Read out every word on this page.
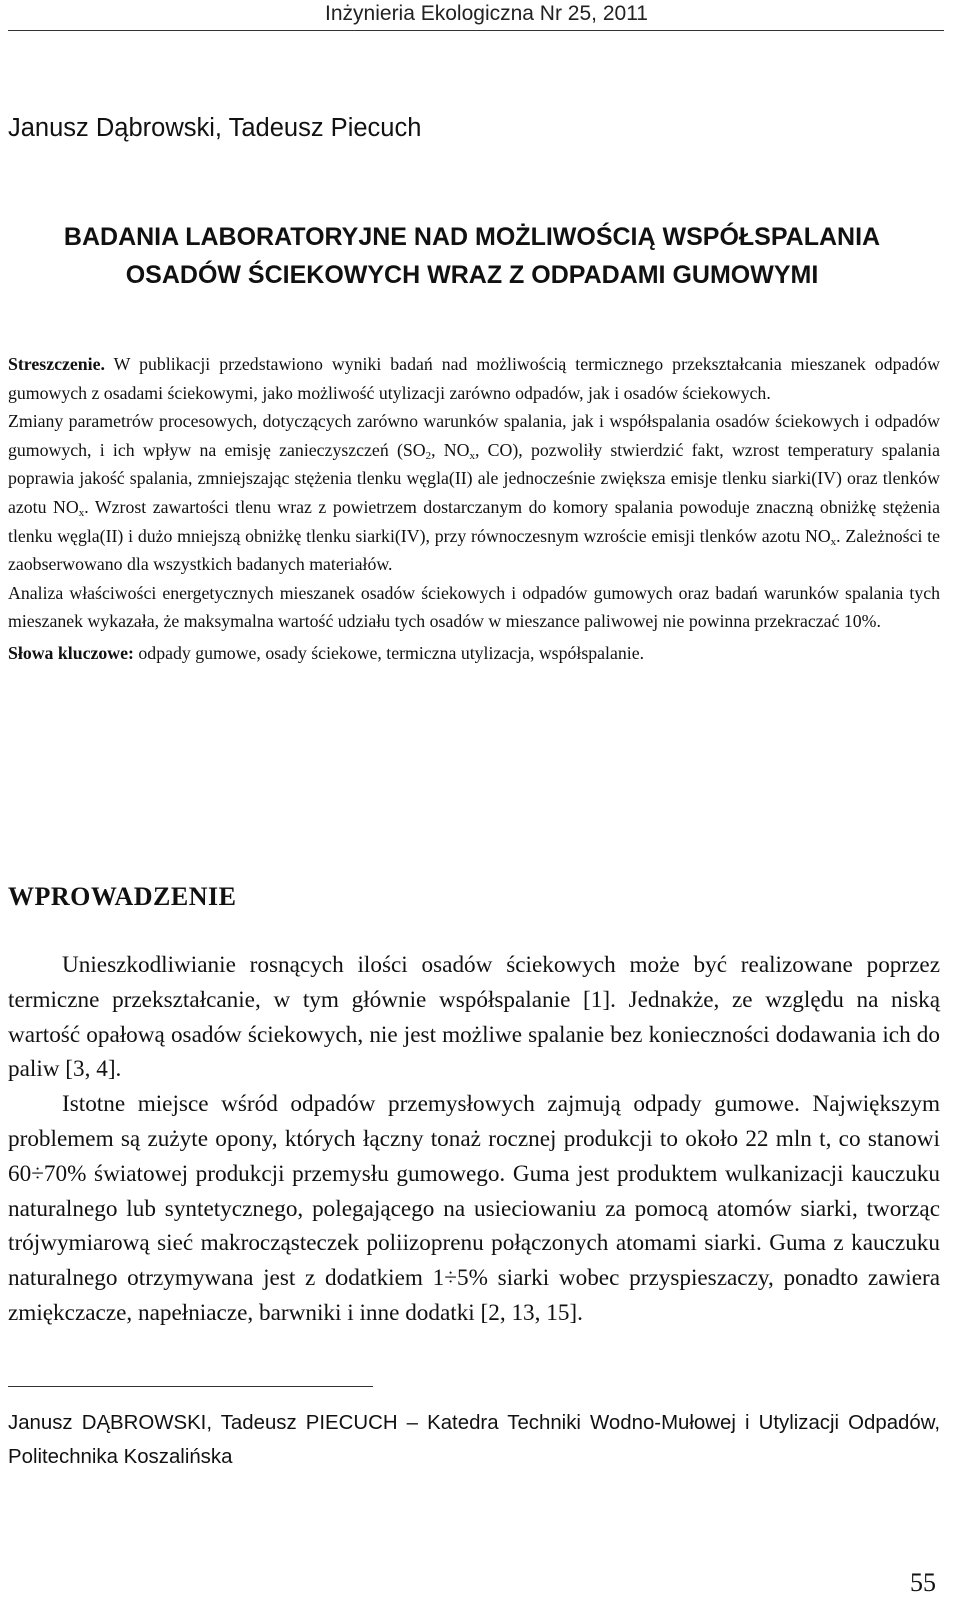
Inżynieria Ekologiczna Nr 25, 2011
Janusz Dąbrowski, Tadeusz Piecuch
BADANIA LABORATORYJNE NAD MOŻLIWOŚCIĄ WSPÓŁSPALANIA
OSADÓW ŚCIEKOWYCH WRAZ Z ODPADAMI GUMOWYMI

Streszczenie. W publikacji przedstawiono wyniki badań nad możliwością termicznego przekształcania mieszanek odpadów gumowych z osadami ściekowymi, jako możliwość utylizacji zarówno odpadów, jak i osadów ściekowych.

Zmiany parametrów procesowych, dotyczących zarówno warunków spalania, jak i współspalania osadów ściekowych i odpadów gumowych, i ich wpływ na emisję zanieczyszczeń ($SO_2$, $NO_x$, CO), pozwoliły stwierdzić fakt, wzrost temperatury spalania poprawia jakość spalania, zmniejszając stężenia tlenku węgla(II) ale jednocześnie zwiększa emisje tlenku siarki(IV) oraz tlenków azotu $NO_x$. Wzrost zawartości tlenu wraz z powietrzem dostarczanym do komory spalania powoduje znaczną obniżkę stężenia tlenku węgla(II) i dużo mniejszą obniżkę tlenku siarki(IV), przy równoczesnym wzroście emisji tlenków azotu $NO_x$. Zależności te zaobserwowano dla wszystkich badanych materiałów.

Analiza właściwości energetycznych mieszanek osadów ściekowych i odpadów gumowych oraz badań warunków spalania tych mieszanek wykazała, że maksymalna wartość udziału tych osadów w mieszance paliwowej nie powinna przekraczać 10%.

Słowa kluczowe: odpady gumowe, osady ściekowe, termiczna utylizacja, współspalanie.

WPROWADZENIE

Unieszkodliwianie rosnących ilości osadów ściekowych może być realizowane poprzez termiczne przekształcanie, w tym głównie współspalanie [1]. Jednakże, ze względu na niską wartość opałową osadów ściekowych, nie jest możliwe spalanie bez konieczności dodawania ich do paliw [3, 4].

Istotne miejsce wśród odpadów przemysłowych zajmują odpady gumowe. Największym problemem są zużyte opony, których łączny tonaż rocznej produkcji to około 22 mln t, co stanowi 60÷70% światowej produkcji przemysłu gumowego. Guma jest produktem wulkanizacji kauczuku naturalnego lub syntetycznego, polegającego na usieciowaniu za pomocą atomów siarki, tworząc trójwymiarową sieć makrocząsteczek poliizoprenu połączonych atomami siarki. Guma z kauczuku naturalnego otrzymywana jest z dodatkiem 1÷5% siarki wobec przyspieszaczy, ponadto zawiera zmiękczacze, napełniacze, barwniki i inne dodatki [2, 13, 15].

Janusz DĄBROWSKI, Tadeusz PIECUCH – Katedra Techniki Wodno-Mułowej i Utylizacji Odpadów, Politechnika Koszalińska

55
